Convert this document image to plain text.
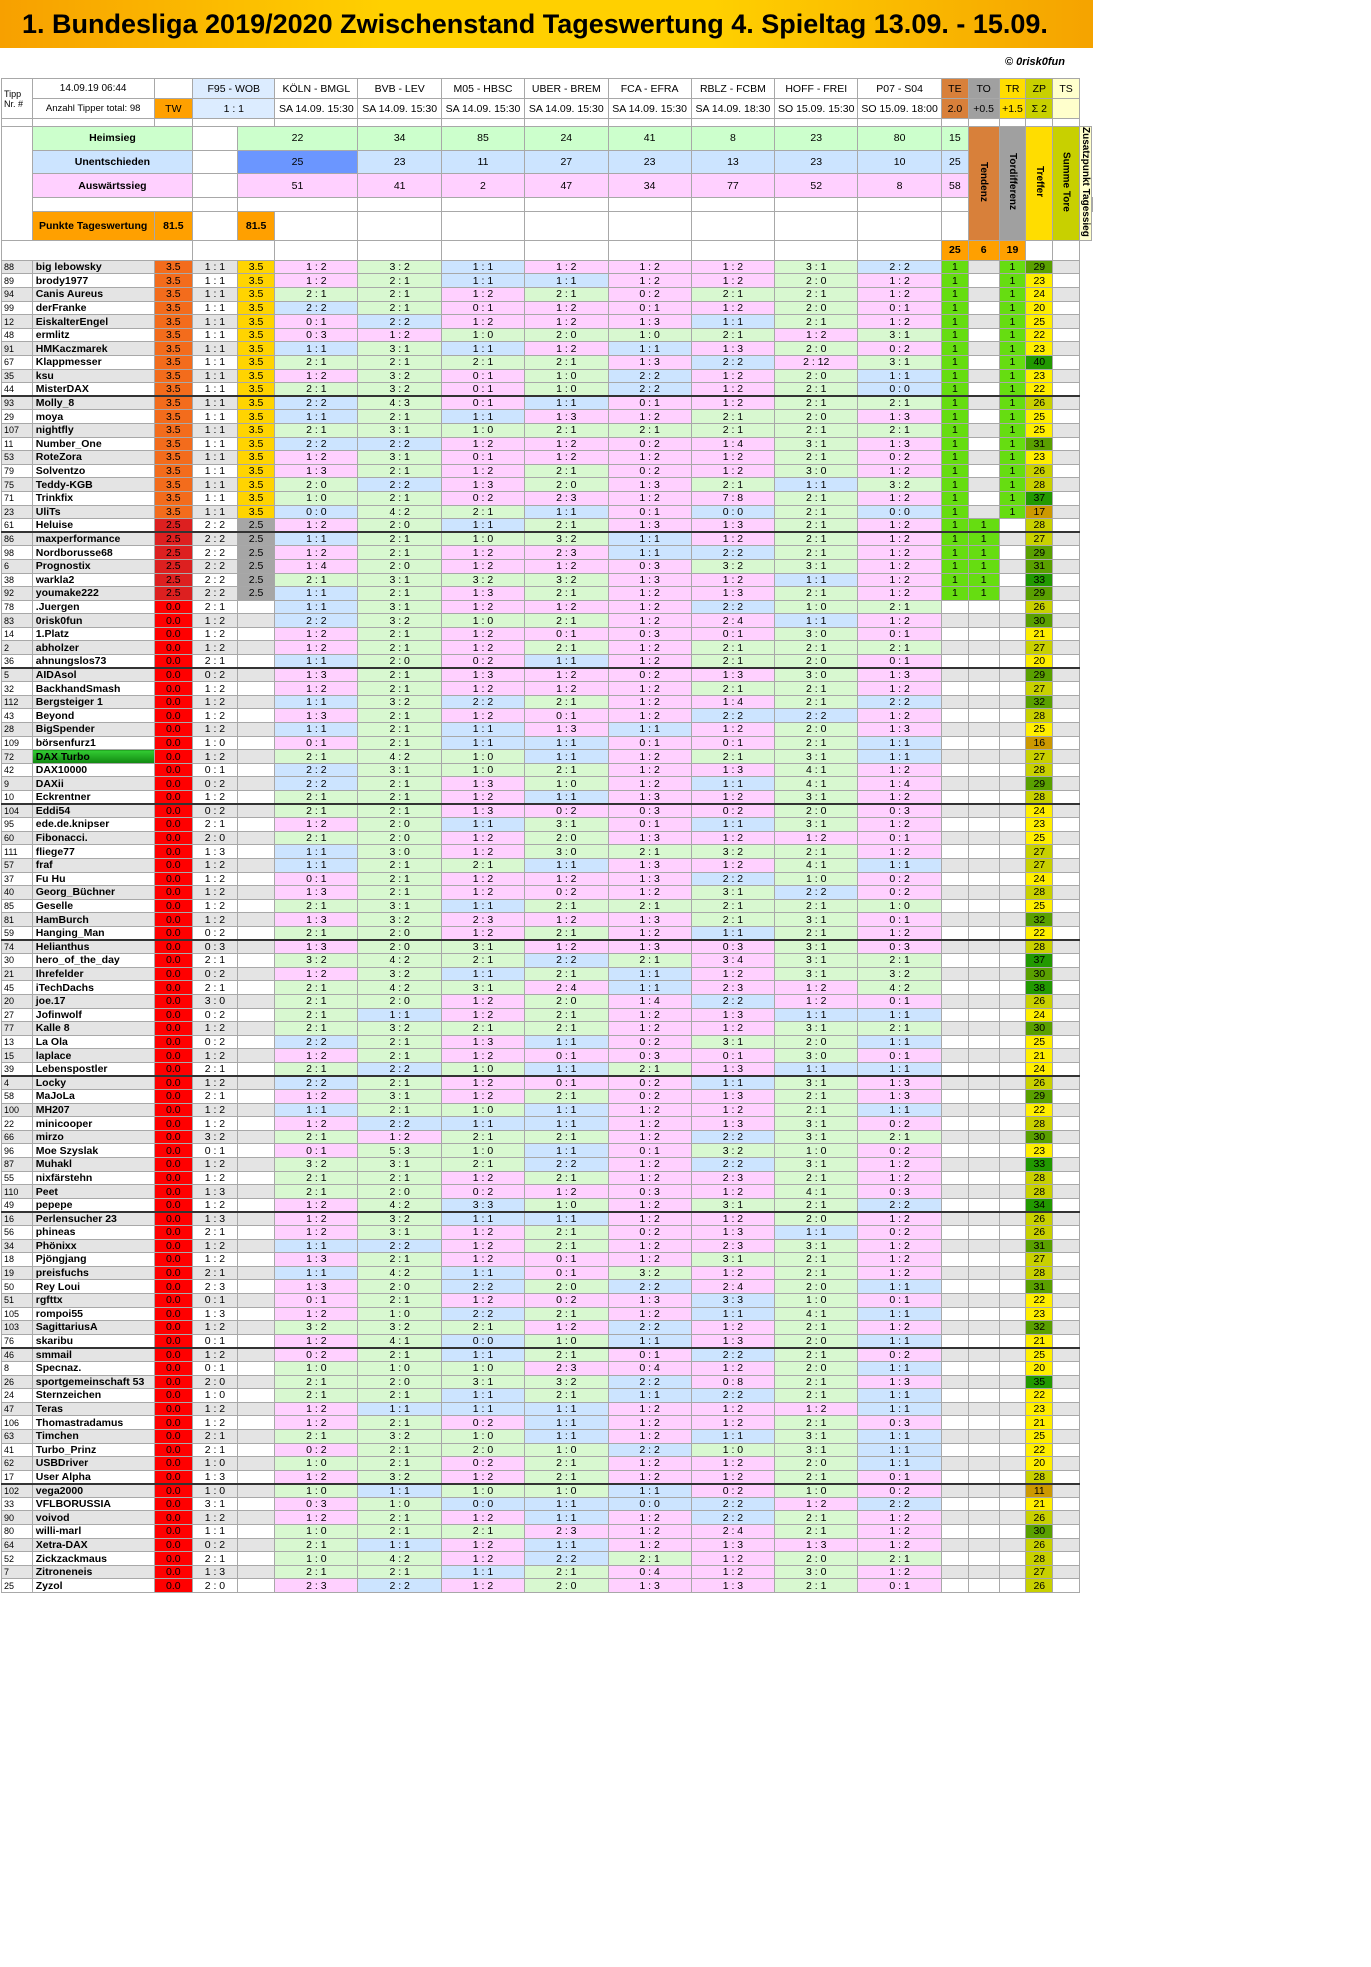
1. Bundesliga 2019/2020 Zwischenstand Tageswertung 4. Spieltag 13.09. - 15.09.
© 0risk0fun
Tipp Nr. #	14.09.19 06:44		F95 - WOB		KÖLN - BMGL	BVB - LEV	M05 - HBSC	UBER - BREM	FCA - EFRA	RBLZ - FCBM	HOFF - FREI	P07 - S04	TE	TO	TR	ZP	TS		
	Anzahl Tipper total: 98	TW	1 : 1		SA 14.09. 15:30	SA 14.09. 15:30	SA 14.09. 15:30	SA 14.09. 15:30	SA 14.09. 15:30	SA 14.09. 18:30	SO 15.09. 15:30	SO 15.09. 18:00	2.0	+0.5	+1.5	Σ 2			

	Heimsieg			22		34	85	24	41	8	23	80	15	Tendenz	Tordifferenz	Treffer	Summe Tore	Zusatzpunkt Tagessieg	
	Unentschieden			25		23	11	27	23	13	23	10	25						
	Auswärtssieg			51		41	2	47	34	77	52	8	58						

	Punkte Tageswertung	81.5		81.5															
													25	6	19				
88	big lebowsky	3.5	1 : 1	3.5	1 : 2	3 : 2	1 : 1	1 : 2	1 : 2	1 : 2	3 : 1	2 : 2	1		1	29			
89	brody1977	3.5	1 : 1	3.5	1 : 2	2 : 1	1 : 1	1 : 1	1 : 2	1 : 2	2 : 0	1 : 2	1		1	23			
94	Canis Aureus	3.5	1 : 1	3.5	2 : 1	2 : 1	1 : 2	2 : 1	0 : 2	2 : 1	2 : 1	1 : 2	1		1	24			
99	derFranke	3.5	1 : 1	3.5	2 : 2	2 : 1	0 : 1	1 : 2	0 : 1	1 : 2	2 : 0	0 : 1	1		1	20			
12	EiskalterEngel	3.5	1 : 1	3.5	0 : 1	2 : 2	1 : 2	1 : 2	1 : 3	1 : 1	2 : 1	1 : 2	1		1	25			
48	ermlitz	3.5	1 : 1	3.5	0 : 3	1 : 2	1 : 0	2 : 0	1 : 0	2 : 1	1 : 2	3 : 1	1		1	22			
91	HMKaczmarek	3.5	1 : 1	3.5	1 : 1	3 : 1	1 : 1	1 : 2	1 : 1	1 : 3	2 : 0	0 : 2	1		1	23			
67	Klappmesser	3.5	1 : 1	3.5	2 : 1	2 : 1	2 : 1	2 : 1	1 : 3	2 : 2	2 : 12	3 : 1	1		1	40			
35	ksu	3.5	1 : 1	3.5	1 : 2	3 : 2	0 : 1	1 : 0	2 : 2	1 : 2	2 : 0	1 : 1	1		1	23			
44	MisterDAX	3.5	1 : 1	3.5	2 : 1	3 : 2	0 : 1	1 : 0	2 : 2	1 : 2	2 : 1	0 : 0	1		1	22			
93	Molly_8	3.5	1 : 1	3.5	2 : 2	4 : 3	0 : 1	1 : 1	0 : 1	1 : 2	2 : 1	2 : 1	1		1	26			
29	moya	3.5	1 : 1	3.5	1 : 1	2 : 1	1 : 1	1 : 3	1 : 2	2 : 1	2 : 0	1 : 3	1		1	25			
107	nightfly	3.5	1 : 1	3.5	2 : 1	3 : 1	1 : 0	2 : 1	2 : 1	2 : 1	2 : 1	2 : 1	1		1	25			
11	Number_One	3.5	1 : 1	3.5	2 : 2	2 : 2	1 : 2	1 : 2	0 : 2	1 : 4	3 : 1	1 : 3	1		1	31			
53	RoteZora	3.5	1 : 1	3.5	1 : 2	3 : 1	0 : 1	1 : 2	1 : 2	1 : 2	2 : 1	0 : 2	1		1	23			
79	Solventzo	3.5	1 : 1	3.5	1 : 3	2 : 1	1 : 2	2 : 1	0 : 2	1 : 2	3 : 0	1 : 2	1		1	26			
75	Teddy-KGB	3.5	1 : 1	3.5	2 : 0	2 : 2	1 : 3	2 : 0	1 : 3	2 : 1	1 : 1	3 : 2	1		1	28			
71	Trinkfix	3.5	1 : 1	3.5	1 : 0	2 : 1	0 : 2	2 : 3	1 : 2	7 : 8	2 : 1	1 : 2	1		1	37			
23	UliTs	3.5	1 : 1	3.5	0 : 0	4 : 2	2 : 1	1 : 1	0 : 1	0 : 0	2 : 1	0 : 0	1		1	17			
61	Heluise	2.5	2 : 2	2.5	1 : 2	2 : 0	1 : 1	2 : 1	1 : 3	1 : 3	2 : 1	1 : 2	1	1		28			
86	maxperformance	2.5	2 : 2	2.5	1 : 1	2 : 1	1 : 0	3 : 2	1 : 1	1 : 2	2 : 1	1 : 2	1	1		27			
98	Nordborusse68	2.5	2 : 2	2.5	1 : 2	2 : 1	1 : 2	2 : 3	1 : 1	2 : 2	2 : 1	1 : 2	1	1		29			
6	Prognostix	2.5	2 : 2	2.5	1 : 4	2 : 0	1 : 2	1 : 2	0 : 3	3 : 2	3 : 1	1 : 2	1	1		31			
38	warkla2	2.5	2 : 2	2.5	2 : 1	3 : 1	3 : 2	3 : 2	1 : 3	1 : 2	1 : 1	1 : 2	1	1		33			
92	youmake222	2.5	2 : 2	2.5	1 : 1	2 : 1	1 : 3	2 : 1	1 : 2	1 : 3	2 : 1	1 : 2	1	1		29			
78	.Juergen	0.0	2 : 1		1 : 1	3 : 1	1 : 2	1 : 2	1 : 2	2 : 2	1 : 0	2 : 1				26			
83	0risk0fun	0.0	1 : 2		2 : 2	3 : 2	1 : 0	2 : 1	1 : 2	2 : 4	1 : 1	1 : 2				30			
14	1.Platz	0.0	1 : 2		1 : 2	2 : 1	1 : 2	0 : 1	0 : 3	0 : 1	3 : 0	0 : 1				21			
2	abholzer	0.0	1 : 2		1 : 2	2 : 1	1 : 2	2 : 1	1 : 2	2 : 1	2 : 1	2 : 1				27			
36	ahnungslos73	0.0	2 : 1		1 : 1	2 : 0	0 : 2	1 : 1	1 : 2	2 : 1	2 : 0	0 : 1				20			
5	AIDAsol	0.0	0 : 2		1 : 3	2 : 1	1 : 3	1 : 2	0 : 2	1 : 3	3 : 0	1 : 3				29			
32	BackhandSmash	0.0	1 : 2		1 : 2	2 : 1	1 : 2	1 : 2	1 : 2	2 : 1	2 : 1	1 : 2				27			
112	Bergsteiger 1	0.0	1 : 2		1 : 1	3 : 2	2 : 2	2 : 1	1 : 2	1 : 4	2 : 1	2 : 2				32			
43	Beyond	0.0	1 : 2		1 : 3	2 : 1	1 : 2	0 : 1	1 : 2	2 : 2	2 : 2	1 : 2				28			
28	BigSpender	0.0	1 : 2		1 : 1	2 : 1	1 : 1	1 : 3	1 : 1	1 : 2	2 : 0	1 : 3				25			
109	börsenfurz1	0.0	1 : 0		0 : 1	2 : 1	1 : 1	1 : 1	0 : 1	0 : 1	2 : 1	1 : 1				16			
72	DAX Turbo	0.0	1 : 2		2 : 1	4 : 2	1 : 0	1 : 1	1 : 2	2 : 1	3 : 1	1 : 1				27			
42	DAX10000	0.0	0 : 1		2 : 2	3 : 1	1 : 0	2 : 1	1 : 2	1 : 3	4 : 1	1 : 2				28			
9	DAXii	0.0	0 : 2		2 : 2	2 : 1	1 : 3	1 : 0	1 : 2	1 : 1	4 : 1	1 : 4				29			
10	Eckrentner	0.0	1 : 2		2 : 1	2 : 1	1 : 2	1 : 1	1 : 3	1 : 2	3 : 1	1 : 2				28			
104	Eddi54	0.0	0 : 2		2 : 1	2 : 1	1 : 3	0 : 2	0 : 3	0 : 2	2 : 0	0 : 3				24			
95	ede.de.knipser	0.0	2 : 1		1 : 2	2 : 0	1 : 1	3 : 1	0 : 1	1 : 1	3 : 1	1 : 2				23			
60	Fibonacci.	0.0	2 : 0		2 : 1	2 : 0	1 : 2	2 : 0	1 : 3	1 : 2	1 : 2	0 : 1				25			
111	fliege77	0.0	1 : 3		1 : 1	3 : 0	1 : 2	3 : 0	2 : 1	3 : 2	2 : 1	1 : 2				27			
57	fraf	0.0	1 : 2		1 : 1	2 : 1	2 : 1	1 : 1	1 : 3	1 : 2	4 : 1	1 : 1				27			
37	Fu Hu	0.0	1 : 2		0 : 1	2 : 1	1 : 2	1 : 2	1 : 3	2 : 2	1 : 0	0 : 2				24			
40	Georg_Büchner	0.0	1 : 2		1 : 3	2 : 1	1 : 2	0 : 2	1 : 2	3 : 1	2 : 2	0 : 2				28			
85	Geselle	0.0	1 : 2		2 : 1	3 : 1	1 : 1	2 : 1	2 : 1	2 : 1	2 : 1	1 : 0				25			
81	HamBurch	0.0	1 : 2		1 : 3	3 : 2	2 : 3	1 : 2	1 : 3	2 : 1	3 : 1	0 : 1				32			
59	Hanging_Man	0.0	0 : 2		2 : 1	2 : 0	1 : 2	2 : 1	1 : 2	1 : 1	2 : 1	1 : 2				22			
74	Helianthus	0.0	0 : 3		1 : 3	2 : 0	3 : 1	1 : 2	1 : 3	0 : 3	3 : 1	0 : 3				28			
30	hero_of_the_day	0.0	2 : 1		3 : 2	4 : 2	2 : 1	2 : 2	2 : 1	3 : 4	3 : 1	2 : 1				37			
21	Ihrefelder	0.0	0 : 2		1 : 2	3 : 2	1 : 1	2 : 1	1 : 1	1 : 2	3 : 1	3 : 2				30			
45	iTechDachs	0.0	2 : 1		2 : 1	4 : 2	3 : 1	2 : 4	1 : 1	2 : 3	1 : 2	4 : 2				38			
20	joe.17	0.0	3 : 0		2 : 1	2 : 0	1 : 2	2 : 0	1 : 4	2 : 2	1 : 2	0 : 1				26			
27	Jofinwolf	0.0	0 : 2		2 : 1	1 : 1	1 : 2	2 : 1	1 : 2	1 : 3	1 : 1	1 : 1				24			
77	Kalle 8	0.0	1 : 2		2 : 1	3 : 2	2 : 1	2 : 1	1 : 2	1 : 2	3 : 1	2 : 1				30			
13	La Ola	0.0	0 : 2		2 : 2	2 : 1	1 : 3	1 : 1	0 : 2	3 : 1	2 : 0	1 : 1				25			
15	laplace	0.0	1 : 2		1 : 2	2 : 1	1 : 2	0 : 1	0 : 3	0 : 1	3 : 0	0 : 1				21			
39	Lebenspostler	0.0	2 : 1		2 : 1	2 : 2	1 : 0	1 : 1	2 : 1	1 : 3	1 : 1	1 : 1				24			
4	Locky	0.0	1 : 2		2 : 2	2 : 1	1 : 2	0 : 1	0 : 2	1 : 1	3 : 1	1 : 3				26			
58	MaJoLa	0.0	2 : 1		1 : 2	3 : 1	1 : 2	2 : 1	0 : 2	1 : 3	2 : 1	1 : 3				29			
100	MH207	0.0	1 : 2		1 : 1	2 : 1	1 : 0	1 : 1	1 : 2	1 : 2	2 : 1	1 : 1				22			
22	minicooper	0.0	1 : 2		1 : 2	2 : 2	1 : 1	1 : 1	1 : 2	1 : 3	3 : 1	0 : 2				28			
66	mirzo	0.0	3 : 2		2 : 1	1 : 2	2 : 1	2 : 1	1 : 2	2 : 2	3 : 1	2 : 1				30			
96	Moe Szyslak	0.0	0 : 1		0 : 1	5 : 3	1 : 0	1 : 1	0 : 1	3 : 2	1 : 0	0 : 2				23			
87	Muhakl	0.0	1 : 2		3 : 2	3 : 1	2 : 1	2 : 2	1 : 2	2 : 2	3 : 1	1 : 2				33			
55	nixfärstehn	0.0	1 : 2		2 : 1	2 : 1	1 : 2	2 : 1	1 : 2	2 : 3	2 : 1	1 : 2				28			
110	Peet	0.0	1 : 3		2 : 1	2 : 0	0 : 2	1 : 2	0 : 3	1 : 2	4 : 1	0 : 3				28			
49	pepepe	0.0	1 : 2		1 : 2	4 : 2	3 : 3	1 : 0	1 : 2	3 : 1	2 : 1	2 : 2				34			
16	Perlensucher 23	0.0	1 : 3		1 : 2	3 : 2	1 : 1	1 : 1	1 : 2	1 : 2	2 : 0	1 : 2				26			
56	phineas	0.0	2 : 1		1 : 2	3 : 1	1 : 2	2 : 1	0 : 2	1 : 3	1 : 1	0 : 2				26			
34	Phönixx	0.0	1 : 2		1 : 1	2 : 2	1 : 2	2 : 1	1 : 2	2 : 3	3 : 1	1 : 2				31			
18	Pjöngjang	0.0	1 : 2		1 : 3	2 : 1	1 : 2	0 : 1	1 : 2	3 : 1	2 : 1	1 : 2				27			
19	preisfuchs	0.0	2 : 1		1 : 1	4 : 2	1 : 1	0 : 1	3 : 2	1 : 2	2 : 1	1 : 2				28			
50	Rey Loui	0.0	2 : 3		1 : 3	2 : 0	2 : 2	2 : 0	2 : 2	2 : 4	2 : 0	1 : 1				31			
51	rgfttx	0.0	0 : 1		0 : 1	2 : 1	1 : 2	0 : 2	1 : 3	3 : 3	1 : 0	0 : 1				22			
105	rompoi55	0.0	1 : 3		1 : 2	1 : 0	2 : 2	2 : 1	1 : 2	1 : 1	4 : 1	1 : 1				23			
103	SagittariusA	0.0	1 : 2		3 : 2	3 : 2	2 : 1	1 : 2	2 : 2	1 : 2	2 : 1	1 : 2				32			
76	skaribu	0.0	0 : 1		1 : 2	4 : 1	0 : 0	1 : 0	1 : 1	1 : 3	2 : 0	1 : 1				21			
46	smmail	0.0	1 : 2		0 : 2	2 : 1	1 : 1	2 : 1	0 : 1	2 : 2	2 : 1	0 : 2				25			
8	Specnaz.	0.0	0 : 1		1 : 0	1 : 0	1 : 0	2 : 3	0 : 4	1 : 2	2 : 0	1 : 1				20			
26	sportgemeinschaft 53	0.0	2 : 0		2 : 1	2 : 0	3 : 1	3 : 2	2 : 2	0 : 8	2 : 1	1 : 3				35			
24	Sternzeichen	0.0	1 : 0		2 : 1	2 : 1	1 : 1	2 : 1	1 : 1	2 : 2	2 : 1	1 : 1				22			
47	Teras	0.0	1 : 2		1 : 2	1 : 1	1 : 1	1 : 1	1 : 2	1 : 2	1 : 2	1 : 1				23			
106	Thomastradamus	0.0	1 : 2		1 : 2	2 : 1	0 : 2	1 : 1	1 : 2	1 : 2	2 : 1	0 : 3				21			
63	Timchen	0.0	2 : 1		2 : 1	3 : 2	1 : 0	1 : 1	1 : 2	1 : 1	3 : 1	1 : 1				25			
41	Turbo_Prinz	0.0	2 : 1		0 : 2	2 : 1	2 : 0	1 : 0	2 : 2	1 : 0	3 : 1	1 : 1				22			
62	USBDriver	0.0	1 : 0		1 : 0	2 : 1	0 : 2	2 : 1	1 : 2	1 : 2	2 : 0	1 : 1				20			
17	User Alpha	0.0	1 : 3		1 : 2	3 : 2	1 : 2	2 : 1	1 : 2	1 : 2	2 : 1	0 : 1				28			
102	vega2000	0.0	1 : 0		1 : 0	1 : 1	1 : 0	1 : 0	1 : 1	0 : 2	1 : 0	0 : 2				11			
33	VFLBORUSSIA	0.0	3 : 1		0 : 3	1 : 0	0 : 0	1 : 1	0 : 0	2 : 2	1 : 2	2 : 2				21			
90	voivod	0.0	1 : 2		1 : 2	2 : 1	1 : 2	1 : 1	1 : 2	2 : 2	2 : 1	1 : 2				26			
80	willi-marl	0.0	1 : 1		1 : 0	2 : 1	2 : 1	2 : 3	1 : 2	2 : 4	2 : 1	1 : 2				30			
64	Xetra-DAX	0.0	0 : 2		2 : 1	1 : 1	1 : 2	1 : 1	1 : 2	1 : 3	1 : 3	1 : 2				26			
52	Zickzackmaus	0.0	2 : 1		1 : 0	4 : 2	1 : 2	2 : 2	2 : 1	1 : 2	2 : 0	2 : 1				28			
7	Zitroneneis	0.0	1 : 3		2 : 1	2 : 1	1 : 1	2 : 1	0 : 4	1 : 2	3 : 0	1 : 2				27			
25	Zyzol	0.0	2 : 0		2 : 3	2 : 2	1 : 2	2 : 0	1 : 3	1 : 3	2 : 1	0 : 1				26			
